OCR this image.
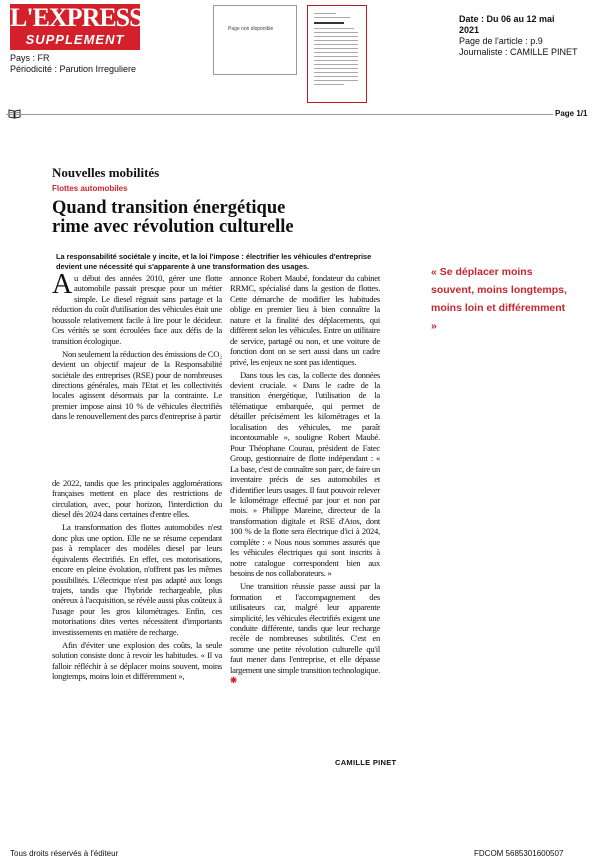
L'EXPRESS
SUPPLEMENT
Pays : FR
Périodicité : Parution Irreguliere
Page non disponible
Date : Du 06 au 12 mai
2021
Page de l'article : p.9
Journaliste : CAMILLE PINET
Page 1/1
Nouvelles mobilités
Flottes automobiles
Quand transition énergétique
rime avec révolution culturelle
La responsabilité sociétale y incite, et la loi l'impose : électrifier les véhicules d'entreprise devient une nécessité qui s'apparente à une transformation des usages.

Au début des années 2010, gérer une flotte automobile passait presque pour un métier simple. Le diesel régnait sans partage et la réduction du coût d'utilisation des véhicules était une boussole relativement facile à lire pour le décideur. Ces vérités se sont écroulées face aux défis de la transition écologique.

Non seulement la réduction des émissions de CO₂ devient un objectif majeur de la Responsabilité sociétale des entreprises (RSE) pour de nombreuses directions générales, mais l'Etat et les collectivités locales agissent désormais par la contrainte. Le premier impose ainsi 10 % de véhicules électrifiés dans le renouvellement des parcs d'entreprise à partir

de 2022, tandis que les principales agglomérations françaises mettent en place des restrictions de circulation, avec, pour horizon, l'interdiction du diesel dès 2024 dans certaines d'entre elles.

La transformation des flottes automobiles n'est donc plus une option. Elle ne se résume cependant pas à remplacer des modèles diesel par leurs équivalents électrifiés. En effet, ces motorisations, encore en pleine évolution, n'offrent pas les mêmes possibilités. L'électrique n'est pas adapté aux longs trajets, tandis que l'hybride rechargeable, plus onéreux à l'acquisition, se révèle aussi plus coûteux à l'usage pour les gros kilométrages. Enfin, ces motorisations dites vertes nécessitent d'importants investissements en matière de recharge.

Afin d'éviter une explosion des coûts, la seule solution consiste donc à revoir les habitudes. « Il va falloir réfléchir à se déplacer moins souvent, moins longtemps, moins loin et différemment »,

annonce Robert Maubé, fondateur du cabinet RRMC, spécialisé dans la gestion de flottes. Cette démarche de modifier les habitudes oblige en premier lieu à bien connaître la nature et la finalité des déplacements, qui diffèrent selon les véhicules. Entre un utilitaire de service, partagé ou non, et une voiture de fonction dont on se sert aussi dans un cadre privé, les enjeux ne sont pas identiques.

Dans tous les cas, la collecte des données devient cruciale. « Dans le cadre de la transition énergétique, l'utilisation de la télématique embarquée, qui permet de détailler précisément les kilométrages et la localisation des véhicules, me paraît incontournable », souligne Robert Maubé. Pour Théophane Courau, président de Fatec Group, gestionnaire de flotte indépendant : « La base, c'est de connaître son parc, de faire un inventaire précis de ses automobiles et d'identifier leurs usages. Il faut pouvoir relever le kilométrage effectué par jour et non par mois. » Philippe Mareine, directeur de la transformation digitale et RSE d'Atos, dont 100 % de la flotte sera électrique d'ici à 2024, complète : « Nous nous sommes assurés que les véhicules électriques qui sont inscrits à notre catalogue correspondent bien aux besoins de nos collaborateurs. »

Une transition réussie passe aussi par la formation et l'accompagnement des utilisateurs car, malgré leur apparente simplicité, les véhicules électrifiés exigent une conduite différente, tandis que leur recharge recèle de nombreuses subtilités. C'est en somme une petite révolution culturelle qu'il faut mener dans l'entreprise, et elle dépasse largement une simple transition technologique. ❋

CAMILLE PINET
« Se déplacer moins souvent, moins longtemps, moins loin et différemment »
Tous droits réservés à l'éditeur	FDCOM 5685301600507
